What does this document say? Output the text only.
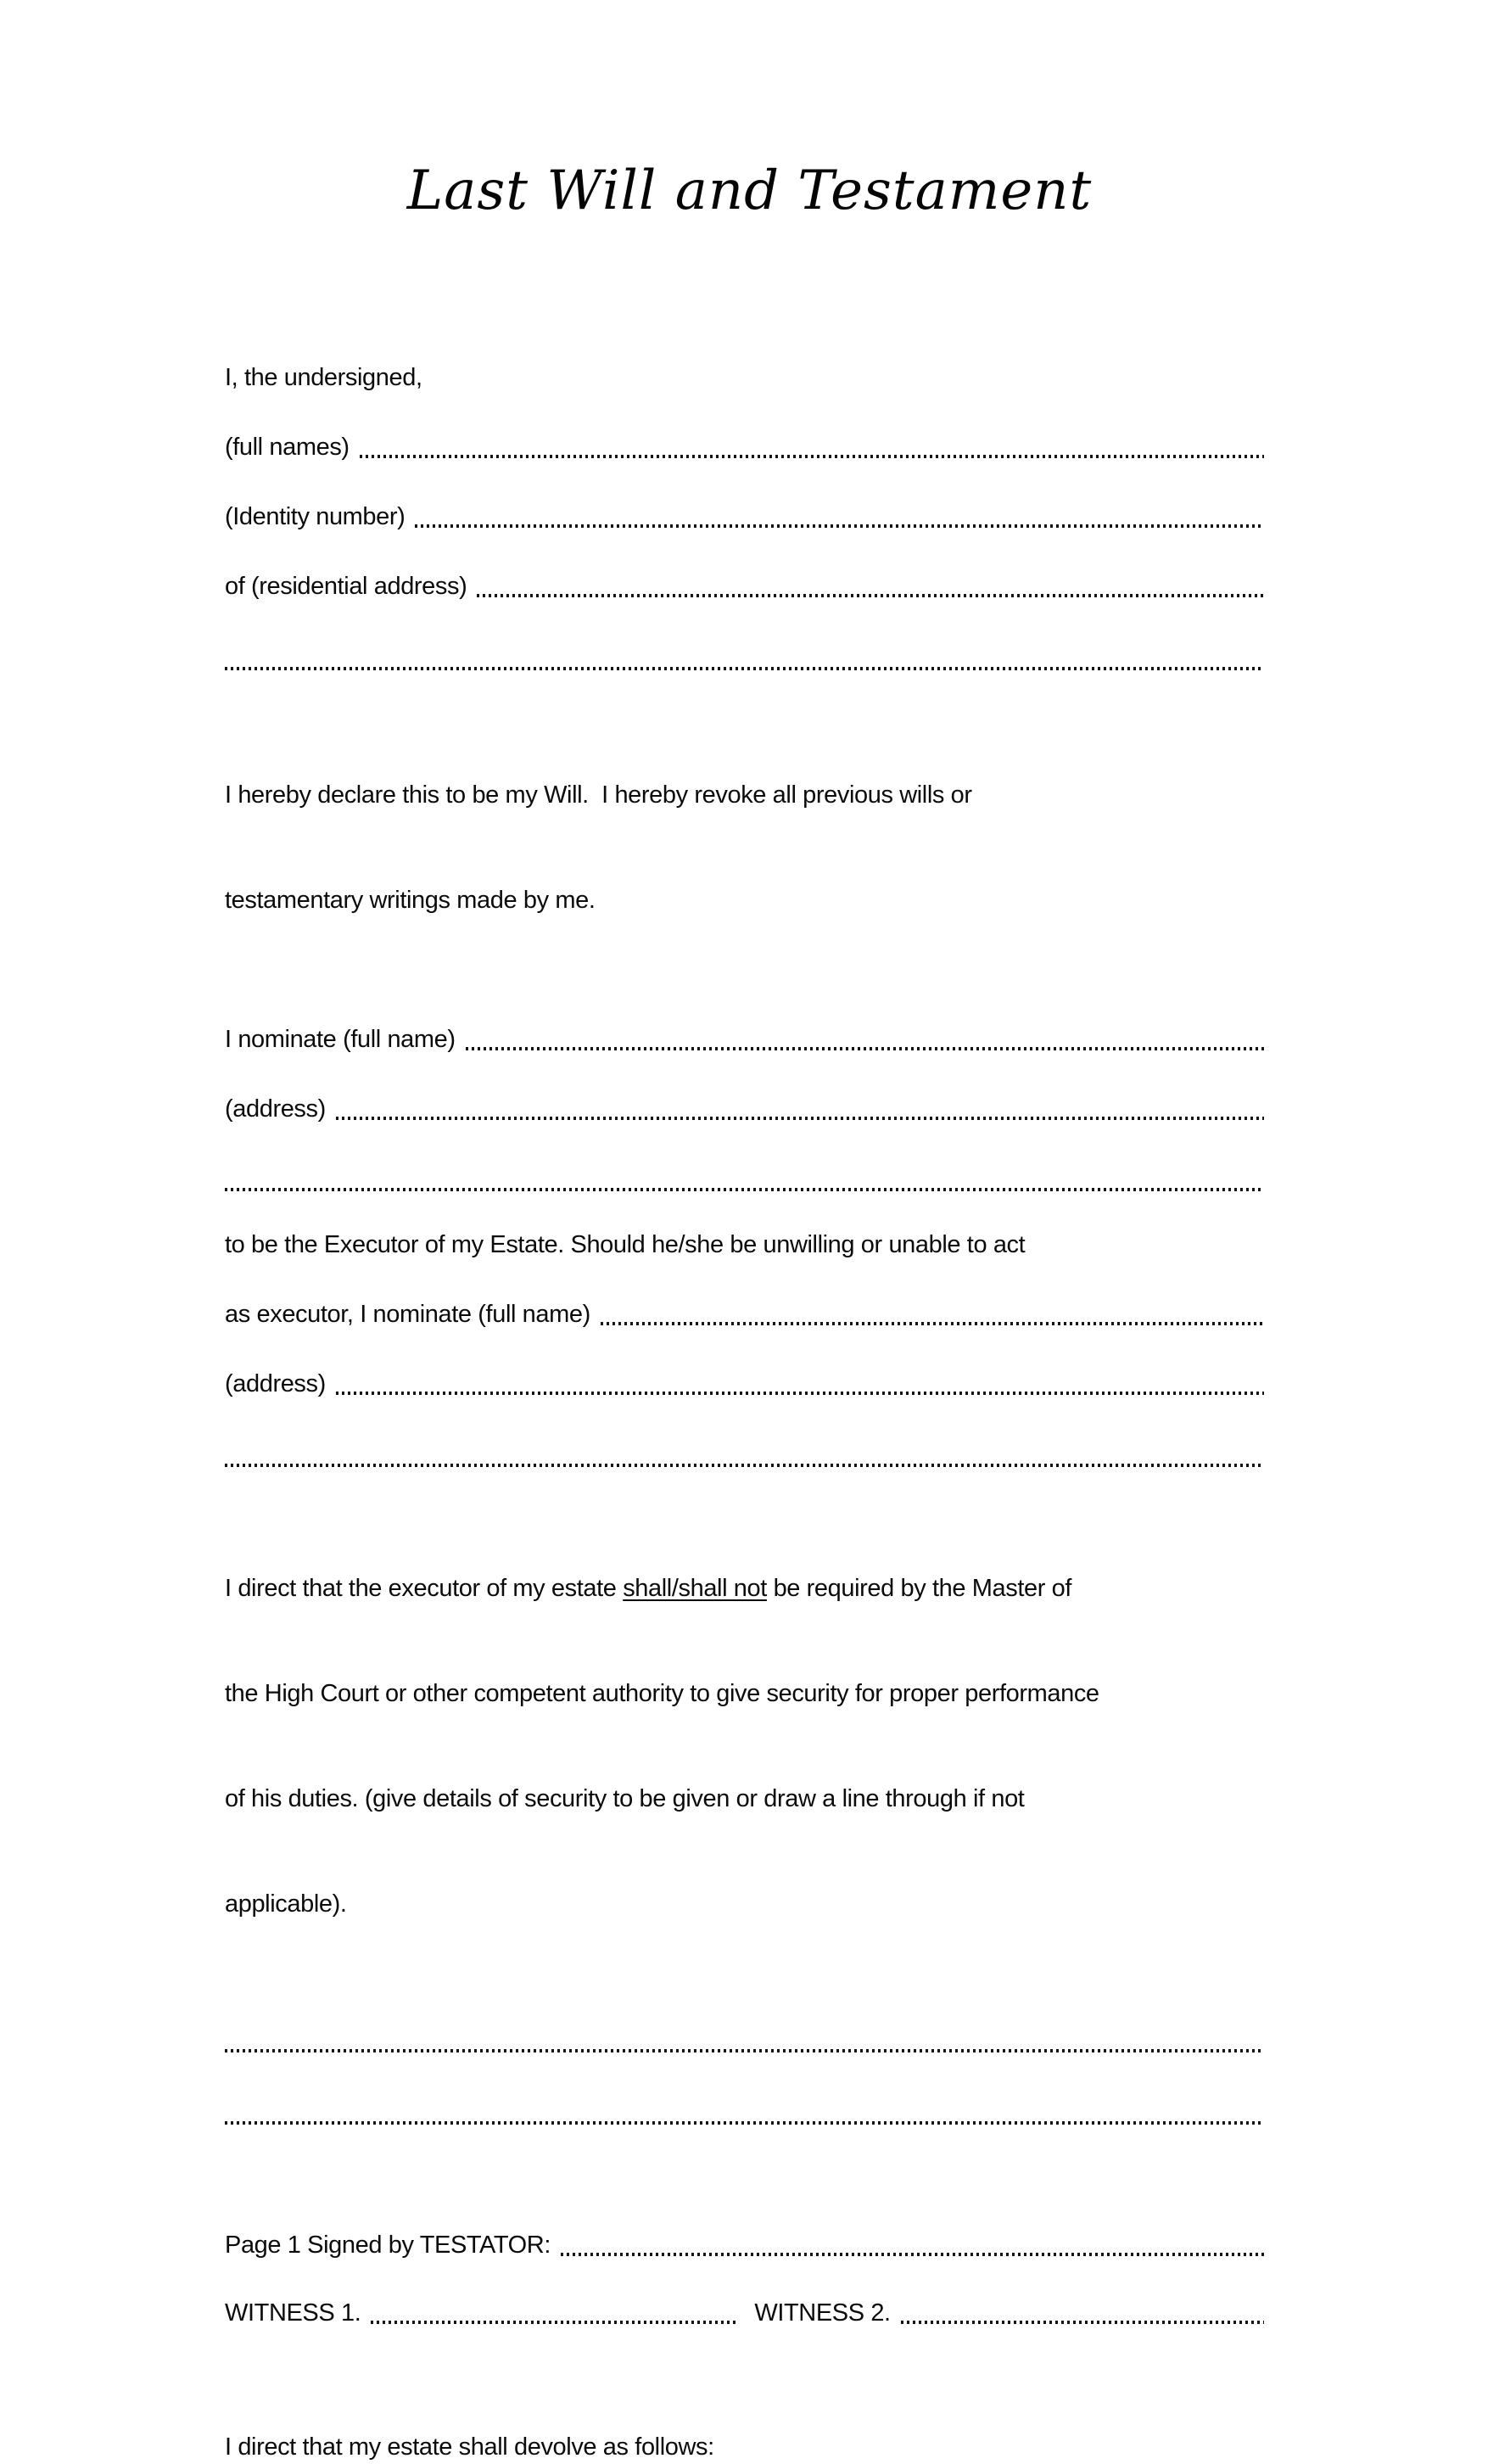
Last Will and Testament
I, the undersigned,
(full names)
(Identity number)
of (residential address)

I hereby declare this to be my Will.  I hereby revoke all previous wills or

testamentary writings made by me.

I nominate (full name)
(address)
to be the Executor of my Estate. Should he/she be unwilling or unable to act
as executor, I nominate (full name)
(address)

I direct that the executor of my estate shall/shall not be required by the Master of

the High Court or other competent authority to give security for proper performance

of his duties. (give details of security to be given or draw a line through if not

applicable).

Page 1 Signed by TESTATOR:
WITNESS 1.	WITNESS 2.
I direct that my estate shall devolve as follows:
